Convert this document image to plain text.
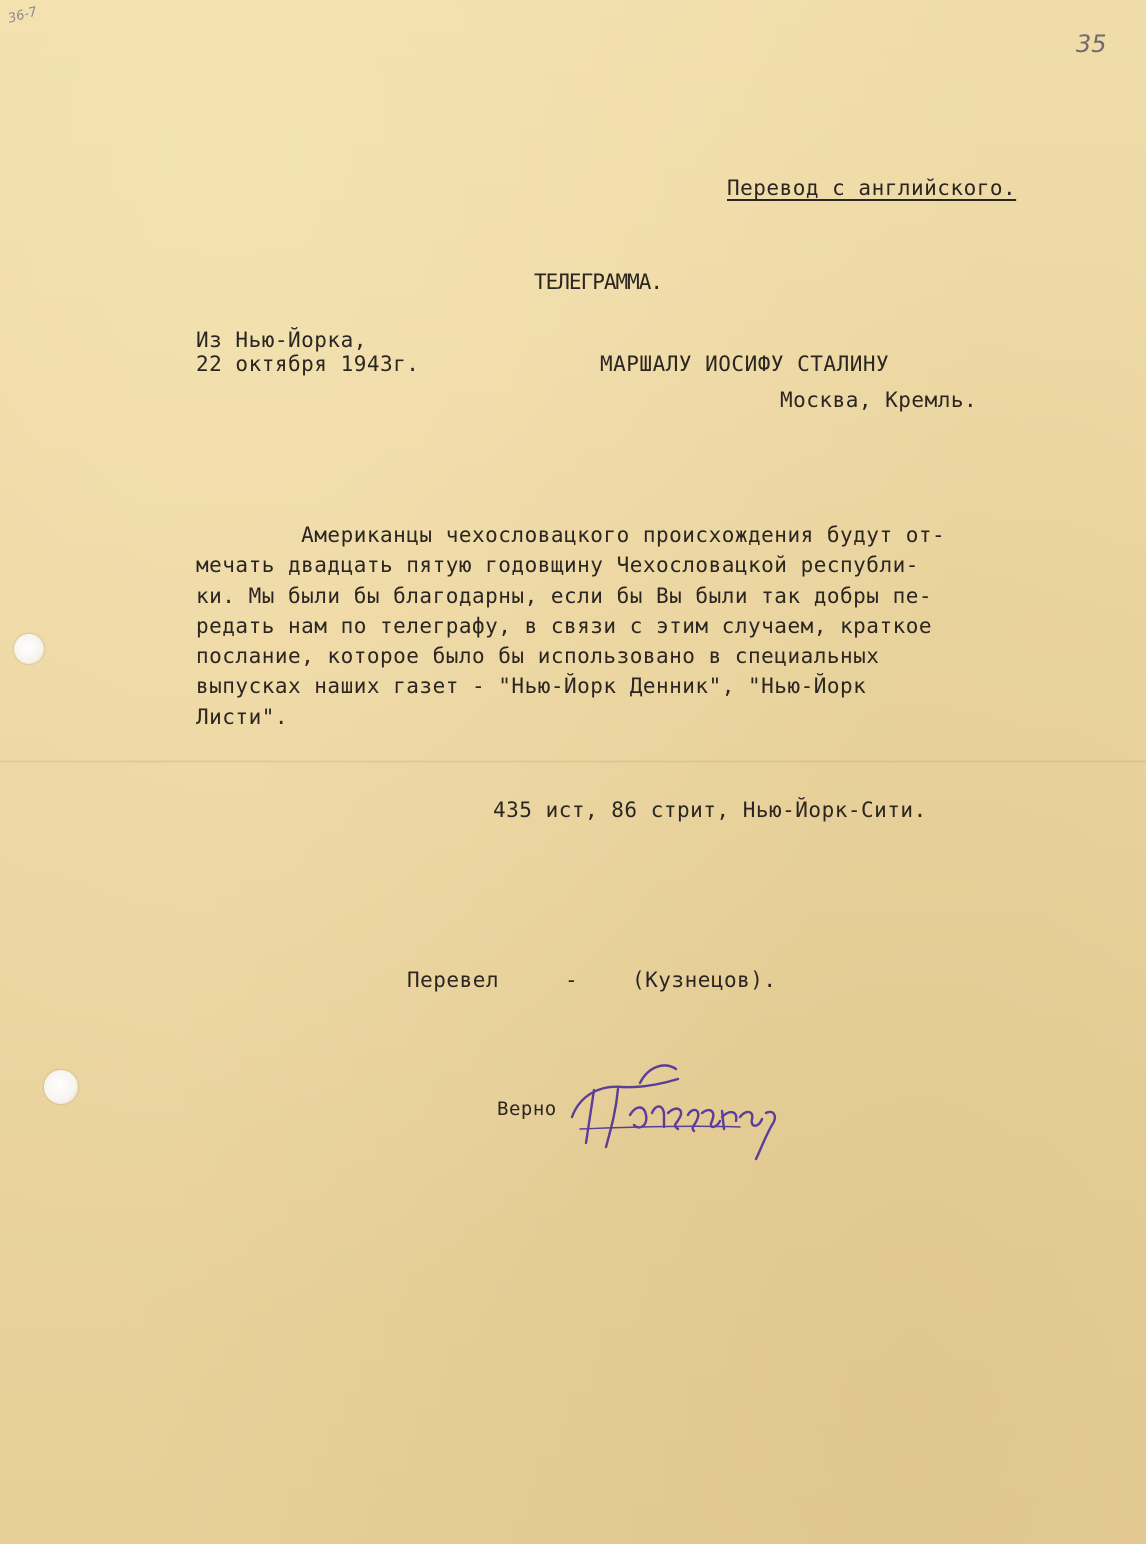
36-7
35
Перевод с английского.
ТЕЛЕГРАММА.
Из Нью-Йорка,
22 октября 1943г.	МАРШАЛУ ИОСИФУ СТАЛИНУ
Москва, Кремль.
Американцы чехословацкого происхождения будут от-
мечать двадцать пятую годовщину Чехословацкой республи-
ки. Мы были бы благодарны, если бы Вы были так добры пе-
редать нам по телеграфу, в связи с этим случаем, краткое
послание, которое было бы использовано в специальных
выпусках наших газет - "Нью-Йорк Денник", "Нью-Йорк
Листи".
435 ист, 86 стрит, Нью-Йорк-Сити.
Перевел	-	(Кузнецов).
Верно
